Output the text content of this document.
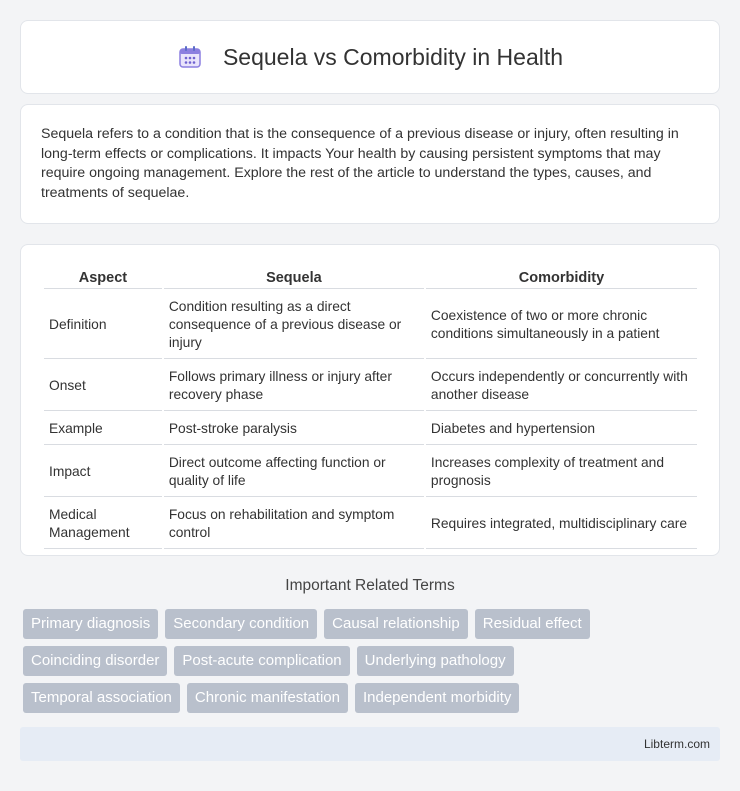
Sequela vs Comorbidity in Health

Sequela refers to a condition that is the consequence of a previous disease or injury, often resulting in long-term effects or complications. It impacts Your health by causing persistent symptoms that may require ongoing management. Explore the rest of the article to understand the types, causes, and treatments of sequelae.

Aspect	Sequela	Comorbidity
Definition	Condition resulting as a direct consequence of a previous disease or injury	Coexistence of two or more chronic conditions simultaneously in a patient
Onset	Follows primary illness or injury after recovery phase	Occurs independently or concurrently with another disease
Example	Post-stroke paralysis	Diabetes and hypertension
Impact	Direct outcome affecting function or quality of life	Increases complexity of treatment and prognosis
Medical Management	Focus on rehabilitation and symptom control	Requires integrated, multidisciplinary care
Important Related Terms
Primary diagnosis	Secondary condition	Causal relationship	Residual effect
Coinciding disorder	Post-acute complication	Underlying pathology
Temporal association	Chronic manifestation	Independent morbidity
Libterm.com
